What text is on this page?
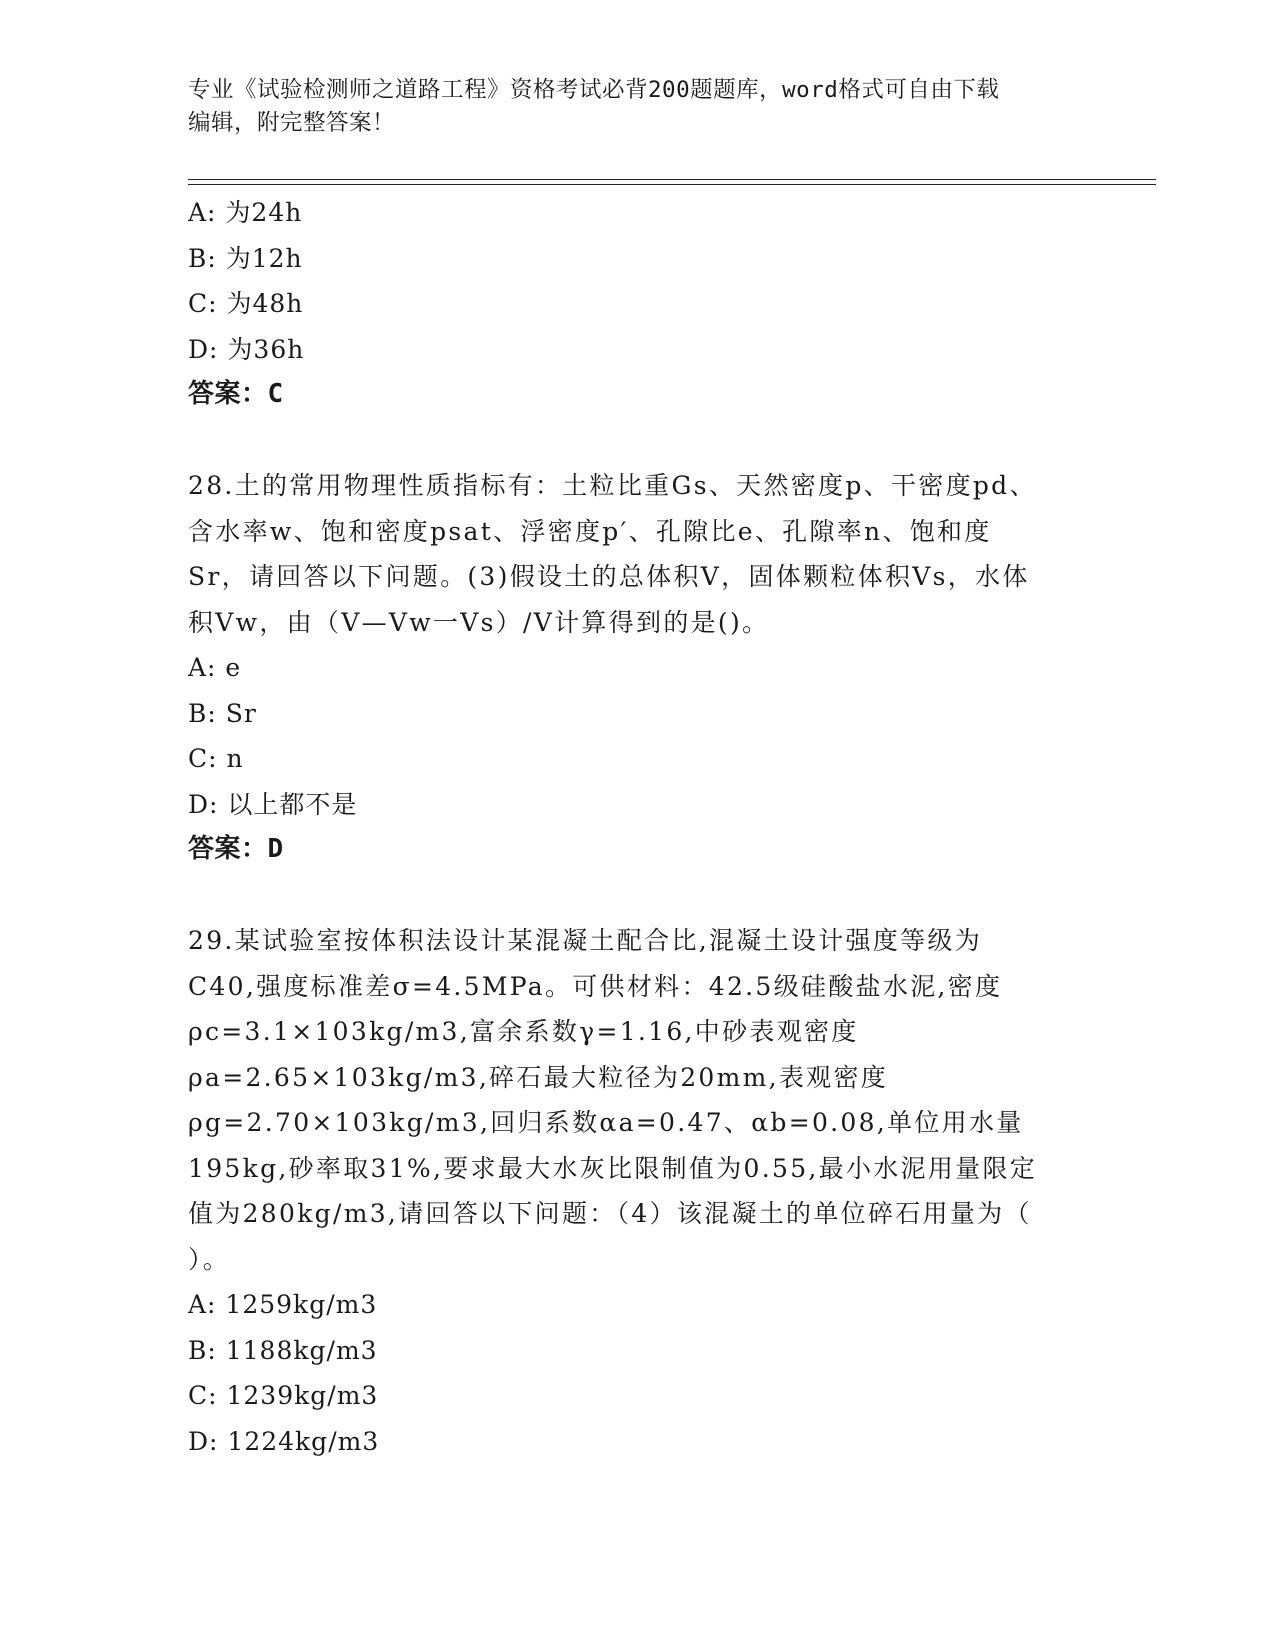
专业《试验检测师之道路工程》资格考试必背200题题库，word格式可自由下载
编辑，附完整答案！
A: 为24h
B: 为12h
C: 为48h
D: 为36h
答案：C
28.土的常用物理性质指标有：土粒比重Gs、天然密度p、干密度pd、
含水率w、饱和密度psat、浮密度p′、孔隙比e、孔隙率n、饱和度
Sr，请回答以下问题。(3)假设土的总体积V，固体颗粒体积Vs，水体
积Vw，由（V—Vw一Vs）/V计算得到的是()。
A: e
B: Sr
C: n
D: 以上都不是
答案：D
29.某试验室按体积法设计某混凝土配合比,混凝土设计强度等级为
C40,强度标准差σ=4.5MPa。可供材料：42.5级硅酸盐水泥,密度
ρc=3.1×103kg/m3,富余系数γ=1.16,中砂表观密度
ρa=2.65×103kg/m3,碎石最大粒径为20mm,表观密度
ρg=2.70×103kg/m3,回归系数αa=0.47、αb=0.08,单位用水量
195kg,砂率取31%,要求最大水灰比限制值为0.55,最小水泥用量限定
值为280kg/m3,请回答以下问题：（4）该混凝土的单位碎石用量为（
）。
A: 1259kg/m3
B: 1188kg/m3
C: 1239kg/m3
D: 1224kg/m3
